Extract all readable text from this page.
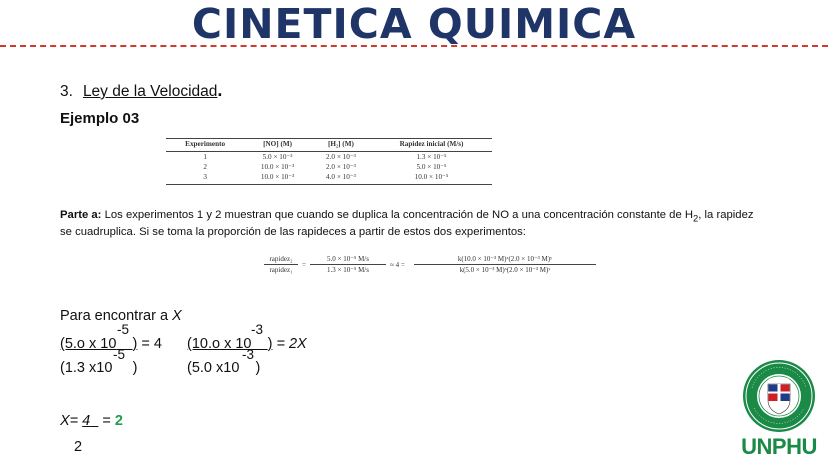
CINETICA QUIMICA
3. Ley de la Velocidad.
Ejemplo 03
Experimento	[NO] (M)	[H₂] (M)	Rapidez inicial (M/s)
1	5.0 × 10⁻³	2.0 × 10⁻³	1.3 × 10⁻⁵
2	10.0 × 10⁻³	2.0 × 10⁻³	5.0 × 10⁻⁵
3	10.0 × 10⁻³	4.0 × 10⁻³	10.0 × 10⁻⁵
Parte a: Los experimentos 1 y 2 muestran que cuando se duplica la concentración de NO a una concentración constante de $H_2$, la rapidez se cuadruplica. Si se toma la proporción de las rapideces a partir de estos dos experimentos:
rapidez₂
rapidez₁
= $\frac{\text{5.0 × 10⁻⁵ M/s}}{\text{1.3 × 10⁻⁵ M/s}} \approx 4 = \frac{\text{k(10.0 × 10⁻³ M)ˣ(2.0 × 10⁻³ M)ʸ}}{\text{k(5.0 × 10⁻³ M)ˣ(2.0 × 10⁻³ M)ʸ}}$
Para encontrar a X
-5	-3
(5.o x 10 ) = 4 (10.o x 10 ) = 2X
-5	-3
(1.3 x10 )	(5.0 x10 )
X= 4   = 2
2	UNPHU
